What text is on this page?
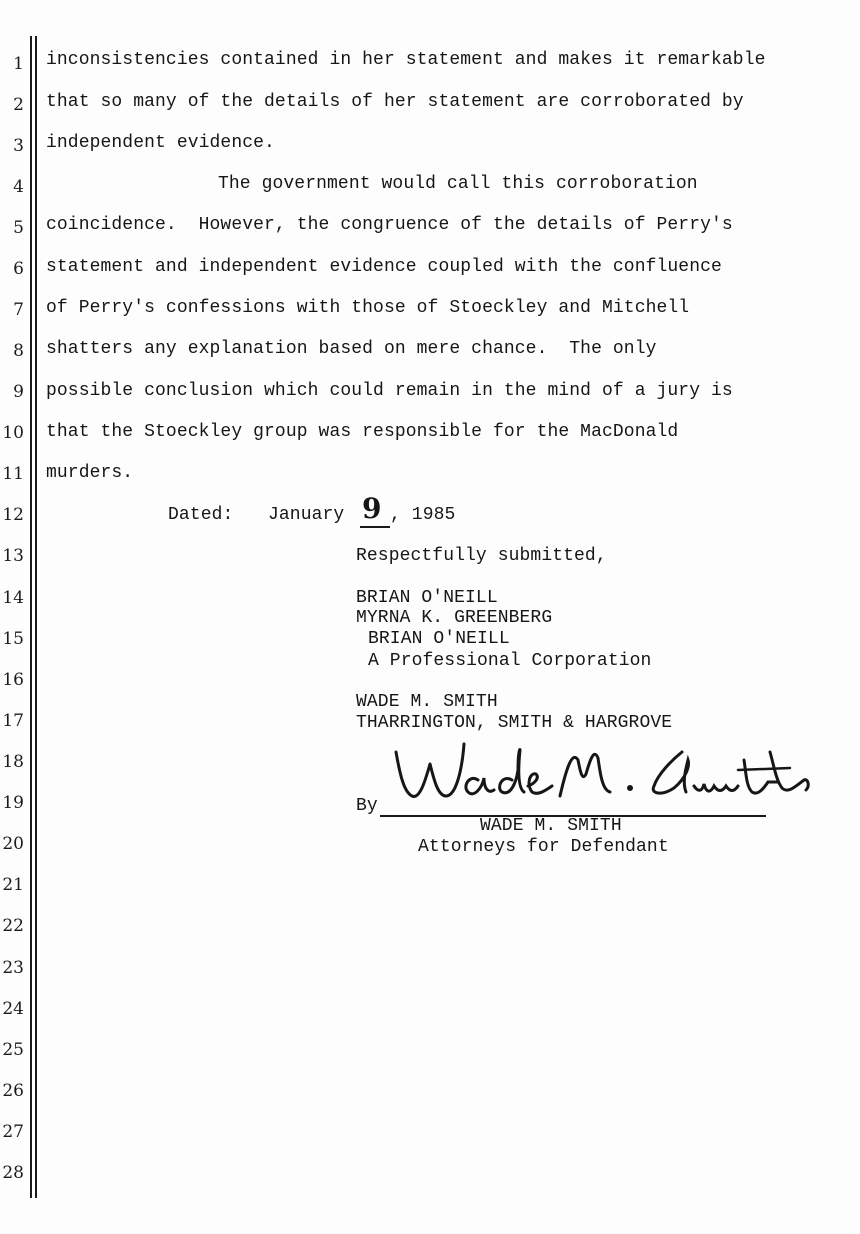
1
2
3
4
5
6
7
8
9
10
11
12
13
14
15
16
17
18
19
20
21
22
23
24
25
26
27
28
inconsistencies contained in her statement and makes it remarkable
that so many of the details of her statement are corroborated by
independent evidence.
The government would call this corroboration
coincidence.  However, the congruence of the details of Perry's
statement and independent evidence coupled with the confluence
of Perry's confessions with those of Stoeckley and Mitchell
shatters any explanation based on mere chance.  The only
possible conclusion which could remain in the mind of a jury is
that the Stoeckley group was responsible for the MacDonald
murders.
Dated: January 9 , 1985
Respectfully submitted,
BRIAN O'NEILL
MYRNA K. GREENBERG
BRIAN O'NEILL
A Professional Corporation
WADE M. SMITH
THARRINGTON, SMITH & HARGROVE
By
WADE M. SMITH
Attorneys for Defendant
